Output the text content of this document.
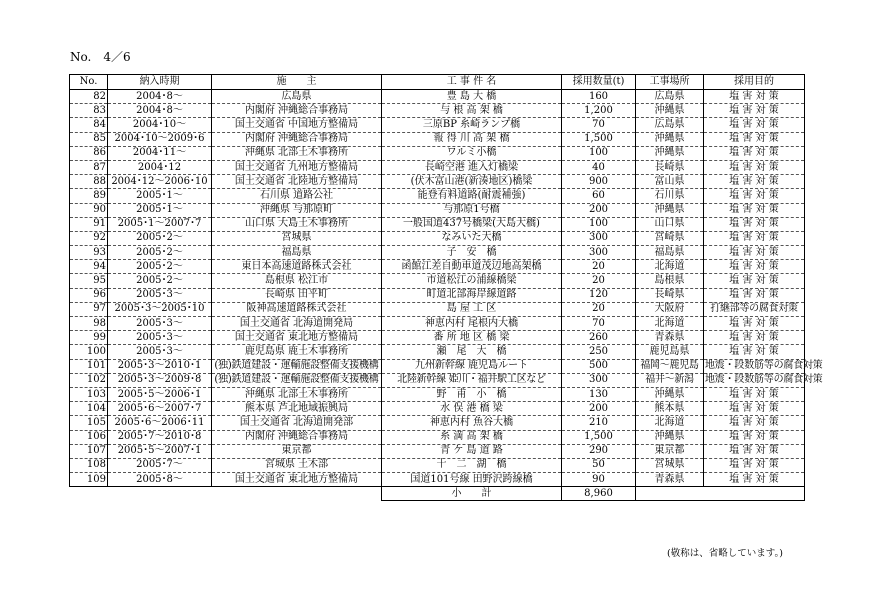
No.　4／6
No.	納入時期	施　　主	工 事 件 名	採用数量(t)	工事場所	採用目的
82	2004･8～	広島県	豊 島 大 橋	160	広島県	塩 害 対 策
83	2004･8～	内閣府 沖縄総合事務局	与 根 高 架 橋	1,200	沖縄県	塩 害 対 策
84	2004･10～	国土交通省 中国地方整備局	三原BP 糸崎ランプ橋	70	広島県	塩 害 対 策
85	2004･10～2009･6	内閣府 沖縄総合事務局	報 得 川 高 架 橋	1,500	沖縄県	塩 害 対 策
86	2004･11～	沖縄県 北部土木事務所	ワルミ小橋	100	沖縄県	塩 害 対 策
87	2004･12	国土交通省 九州地方整備局	長崎空港 進入灯橋梁	40	長崎県	塩 害 対 策
88	2004･12～2006･10	国土交通省 北陸地方整備局	(伏木富山港(新湊地区)橋梁	900	富山県	塩 害 対 策
89	2005･1～	石川県 道路公社	能登有料道路(耐震補強)	60	石川県	塩 害 対 策
90	2005･1～	沖縄県 与那原町	与那原1号橋	200	沖縄県	塩 害 対 策
91	2005･1～2007･7	山口県 大島土木事務所	一般国道437号橋梁(大島大橋)	100	山口県	塩 害 対 策
92	2005･2～	宮城県	なみいた大橋	300	宮崎県	塩 害 対 策
93	2005･2～	福島県	子　安　橋	300	福島県	塩 害 対 策
94	2005･2～	東日本高速道路株式会社	函館江差自動車道茂辺地高架橋	20	北海道	塩 害 対 策
95	2005･2～	島根県 松江市	市道松江の浦線橋梁	20	島根県	塩 害 対 策
96	2005･3～	長崎県 田平町	町道北部海岸線道路	120	長崎県	塩 害 対 策
97	2005･3～2005･10	阪神高速道路株式会社	島 屋 工 区	20	大阪府	打継部等の腐食対策
98	2005･3～	国土交通省 北海道開発局	神恵内村 尾根内大橋	70	北海道	塩 害 対 策
99	2005･3～	国土交通省 東北地方整備局	番 所 地 区 橋 梁	260	青森県	塩 害 対 策
100	2005･3～	鹿児島県 鹿土木事務所	瀬　尾　大　橋	250	鹿児島県	塩 害 対 策
101	2005･3～2010･1	(独)鉄道建設・運輸施設整備支援機構	九州新幹線 鹿児島ルート	500	福岡～鹿児島	地震・段数筋等の腐食対策
102	2005･3～2009･8	(独)鉄道建設・運輸施設整備支援機構	北陸新幹線 姫川・福井駅工区など	300	福井～新潟	地震・段数筋等の腐食対策
103	2005･5～2006･1	沖縄県 北部土木事務所	野　甫　小　橋	130	沖縄県	塩 害 対 策
104	2005･6～2007･7	熊本県 芦北地域振興局	水 俣 港 橋 梁	200	熊本県	塩 害 対 策
105	2005･6～2006･11	国土交通省 北海道開発部	神恵内村 魚谷大橋	210	北海道	塩 害 対 策
106	2005･7～2010･8	内閣府 沖縄総合事務局	糸 満 高 架 橋	1,500	沖縄県	塩 害 対 策
107	2005･5～2007･1	東京都	青 ケ 島 道 路	290	東京都	塩 害 対 策
108	2005･7～	宮城県 土木部	十　二　湖　橋	50	宮城県	塩 害 対 策
109	2005･8～	国土交通省 東北地方整備局	国道101号線 田野沢跨線橋	90	青森県	塩 害 対 策
			小　　計	8,960		
(敬称は、省略しています。)
